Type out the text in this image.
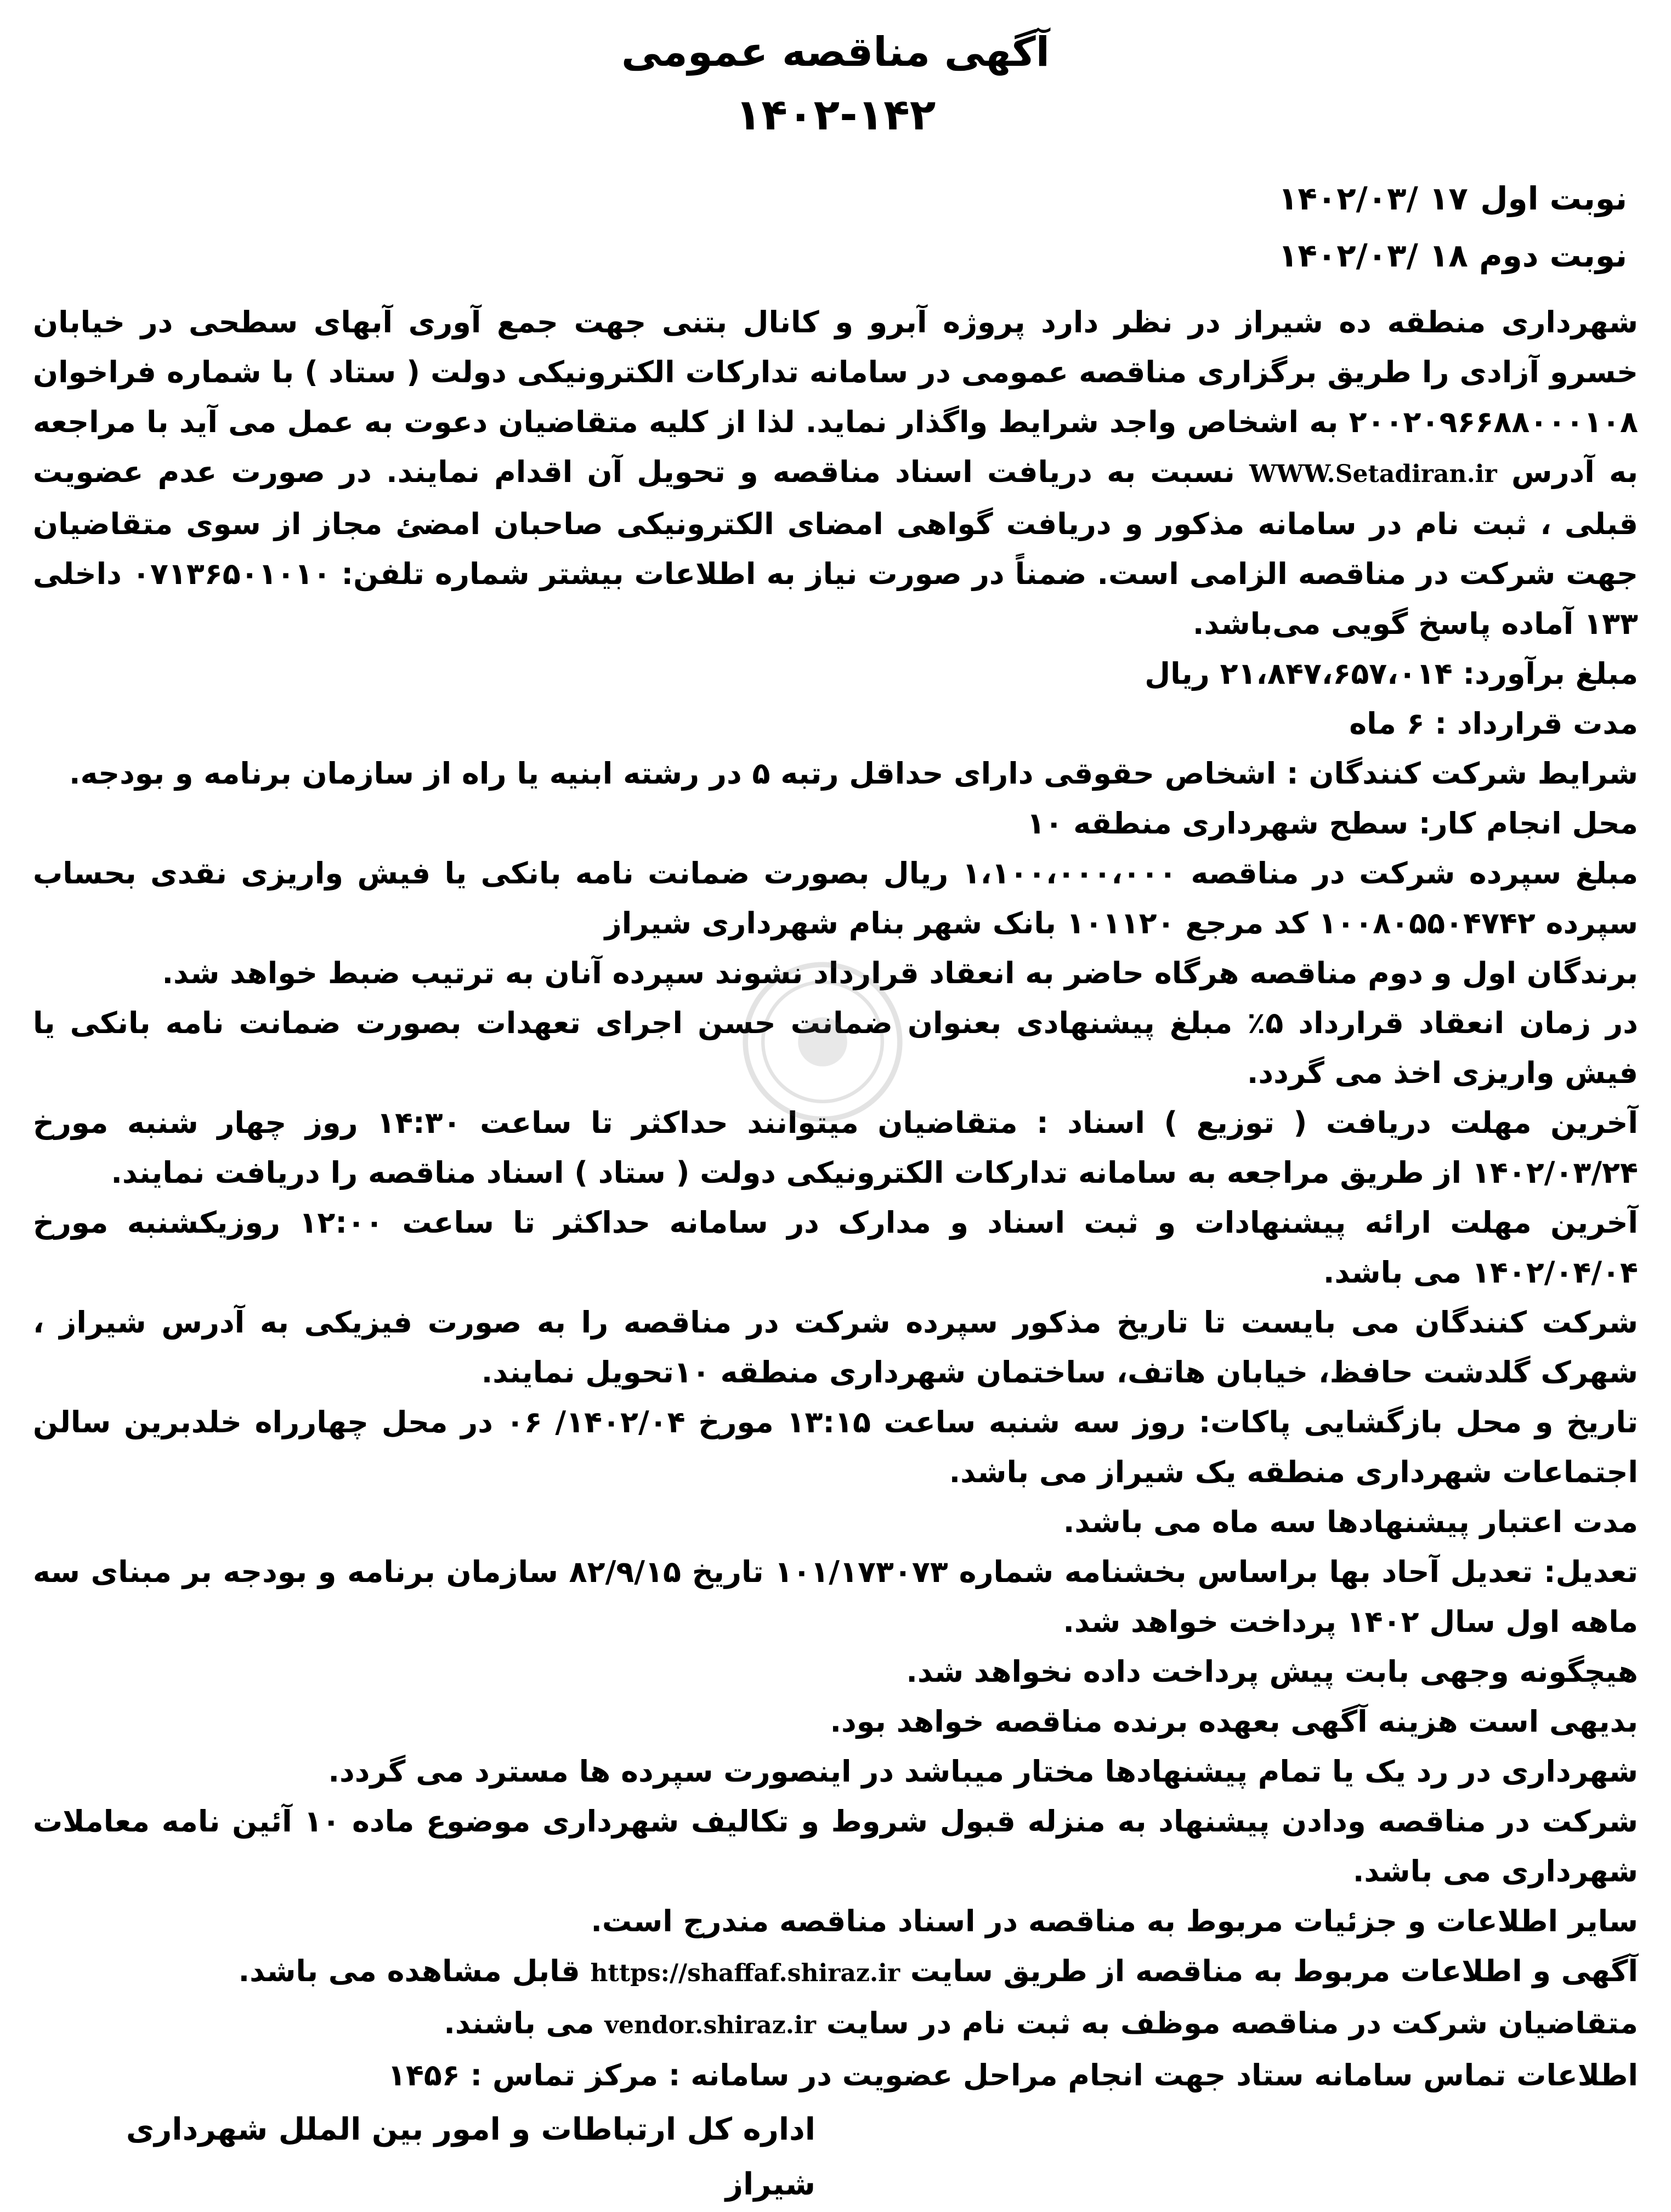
آگهی مناقصه عمومی
۱۴۰۲-۱۴۲
نوبت اول ۱۷ /۱۴۰۲/۰۳
نوبت دوم ۱۸ /۱۴۰۲/۰۳

شهرداری منطقه ده شیراز در نظر دارد پروژه آبرو و کانال بتنی جهت جمع آوری آبهای سطحی در خیابان خسرو آزادی را طریق برگزاری مناقصه عمومی در سامانه تدارکات الکترونیکی دولت ( ستاد ) با شماره فراخوان ۲۰۰۲۰۹۶۶۸۸۰۰۰۱۰۸ به اشخاص واجد شرایط واگذار نماید. لذا از کلیه متقاضیان دعوت به عمل می آید با مراجعه به آدرس WWW.Setadiran.ir نسبت به دریافت اسناد مناقصه و تحویل آن اقدام نمایند. در صورت عدم عضویت قبلی ، ثبت نام در سامانه مذکور و دریافت گواهی امضای الکترونیکی صاحبان امضئ مجاز از سوی متقاضیان جهت شرکت در مناقصه الزامی است. ضمناً در صورت نیاز به اطلاعات بیشتر شماره تلفن: ۰۷۱۳۶۵۰۱۰۱۰ داخلی ۱۳۳ آماده پاسخ گویی می‌باشد.

مبلغ برآورد: ۲۱،۸۴۷،۶۵۷،۰۱۴ ریال

مدت قرارداد : ۶ ماه

شرایط شرکت کنندگان : اشخاص حقوقی دارای حداقل رتبه ۵ در رشته ابنیه یا راه از سازمان برنامه و بودجه.

محل انجام کار: سطح شهرداری منطقه ۱۰

مبلغ سپرده شرکت در مناقصه ۱،۱۰۰،۰۰۰،۰۰۰ ریال بصورت ضمانت نامه بانکی یا فیش واریزی نقدی بحساب سپرده ۱۰۰۸۰۵۵۰۴۷۴۲ کد مرجع ۱۰۱۱۲۰ بانک شهر بنام شهرداری شیراز

برندگان اول و دوم مناقصه هرگاه حاضر به انعقاد قرارداد نشوند سپرده آنان به ترتیب ضبط خواهد شد.

در زمان انعقاد قرارداد ۵٪ مبلغ پیشنهادی بعنوان ضمانت حسن اجرای تعهدات بصورت ضمانت نامه بانکی یا فیش واریزی اخذ می گردد.

آخرین مهلت دریافت ( توزیع ) اسناد : متقاضیان میتوانند حداکثر تا ساعت ۱۴:۳۰ روز چهار شنبه مورخ ۱۴۰۲/۰۳/۲۴ از طریق مراجعه به سامانه تدارکات الکترونیکی دولت ( ستاد ) اسناد مناقصه را دریافت نمایند.

آخرین مهلت ارائه پیشنهادات و ثبت اسناد و مدارک در سامانه حداکثر تا ساعت ۱۲:۰۰ روزیکشنبه مورخ ۱۴۰۲/۰۴/۰۴ می باشد.

شرکت کنندگان می بایست تا تاریخ مذکور سپرده شرکت در مناقصه را به صورت فیزیکی به آدرس شیراز ، شهرک گلدشت حافظ، خیابان هاتف، ساختمان شهرداری منطقه ۱۰تحویل نمایند.

تاریخ و محل بازگشایی پاکات: روز سه شنبه ساعت ۱۳:۱۵ مورخ ۱۴۰۲/۰۴/ ۰۶ در محل چهارراه خلدبرین سالن اجتماعات شهرداری منطقه یک شیراز می باشد.

مدت اعتبار پیشنهادها سه ماه می باشد.

تعدیل: تعدیل آحاد بها براساس بخشنامه شماره ۱۰۱/۱۷۳۰۷۳ تاریخ ۸۲/۹/۱۵ سازمان برنامه و بودجه بر مبنای سه ماهه اول سال ۱۴۰۲ پرداخت خواهد شد.

هیچگونه وجهی بابت پیش پرداخت داده نخواهد شد.

بدیهی است هزینه آگهی بعهده برنده مناقصه خواهد بود.

شهرداری در رد یک یا تمام پیشنهادها مختار میباشد در اینصورت سپرده ها مسترد می گردد.

شرکت در مناقصه ودادن پیشنهاد به منزله قبول شروط و تکالیف شهرداری موضوع ماده ۱۰ آئین نامه معاملات شهرداری می باشد.

سایر اطلاعات و جزئیات مربوط به مناقصه در اسناد مناقصه مندرج است.

آگهی و اطلاعات مربوط به مناقصه از طریق سایت https://shaffaf.shiraz.ir قابل مشاهده می باشد.

متقاضیان شرکت در مناقصه موظف به ثبت نام در سایت vendor.shiraz.ir می باشند.

اطلاعات تماس سامانه ستاد جهت انجام مراحل عضویت در سامانه : مرکز تماس : ۱۴۵۶

اداره کل ارتباطات و امور بین الملل شهرداری شیراز
